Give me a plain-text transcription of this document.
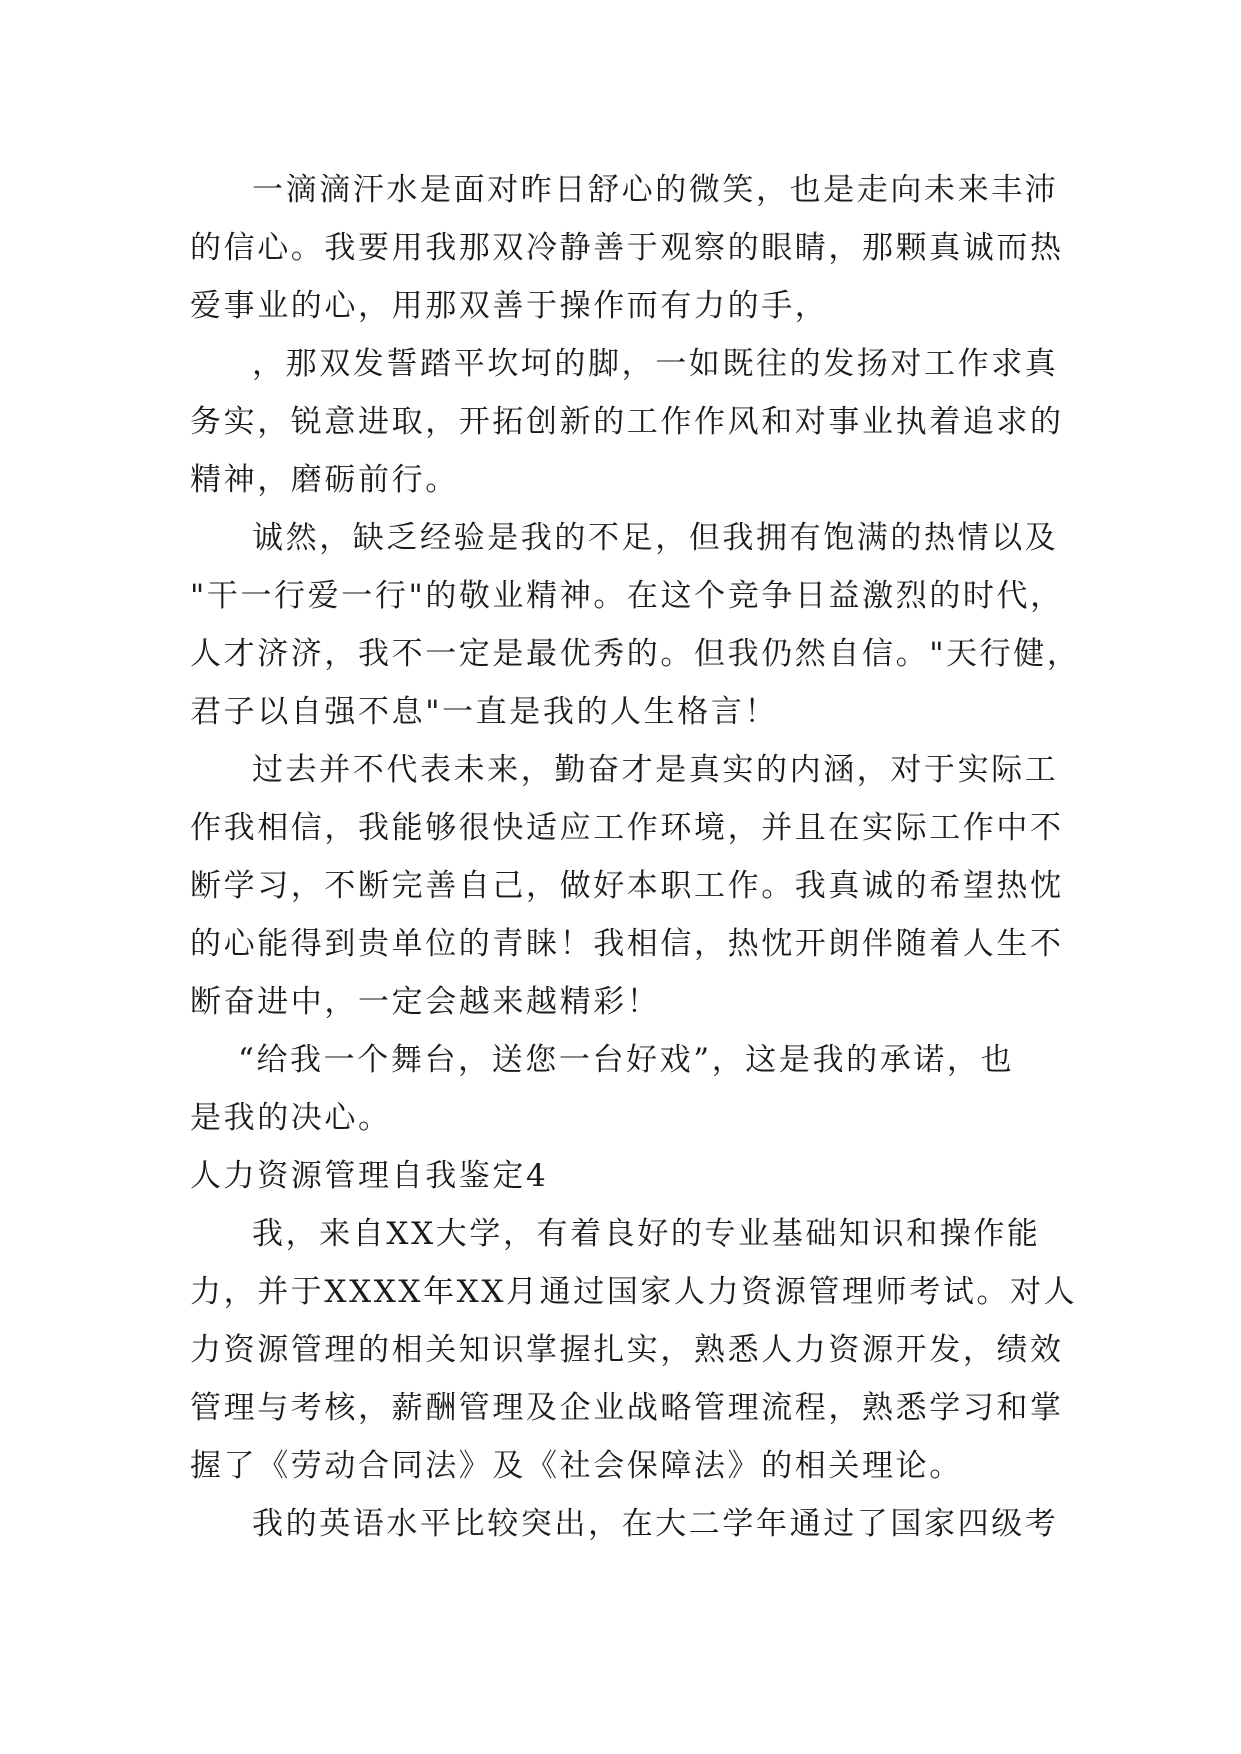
一滴滴汗水是面对昨日舒心的微笑，也是走向未来丰沛
的信心。我要用我那双冷静善于观察的眼睛，那颗真诚而热
爱事业的心，用那双善于操作而有力的手，
，那双发誓踏平坎坷的脚，一如既往的发扬对工作求真
务实，锐意进取，开拓创新的工作作风和对事业执着追求的
精神，磨砺前行。
诚然，缺乏经验是我的不足，但我拥有饱满的热情以及
"干一行爱一行"的敬业精神。在这个竞争日益激烈的时代，
人才济济，我不一定是最优秀的。但我仍然自信。"天行健，
君子以自强不息"一直是我的人生格言！
过去并不代表未来，勤奋才是真实的内涵，对于实际工
作我相信，我能够很快适应工作环境，并且在实际工作中不
断学习，不断完善自己，做好本职工作。我真诚的希望热忱
的心能得到贵单位的青睐！我相信，热忱开朗伴随着人生不
断奋进中，一定会越来越精彩！
“给我一个舞台，送您一台好戏”，这是我的承诺，也
是我的决心。
人力资源管理自我鉴定4
我，来自XX大学，有着良好的专业基础知识和操作能
力，并于XXXX年XX月通过国家人力资源管理师考试。对人
力资源管理的相关知识掌握扎实，熟悉人力资源开发，绩效
管理与考核，薪酬管理及企业战略管理流程，熟悉学习和掌
握了《劳动合同法》及《社会保障法》的相关理论。
我的英语水平比较突出，在大二学年通过了国家四级考
